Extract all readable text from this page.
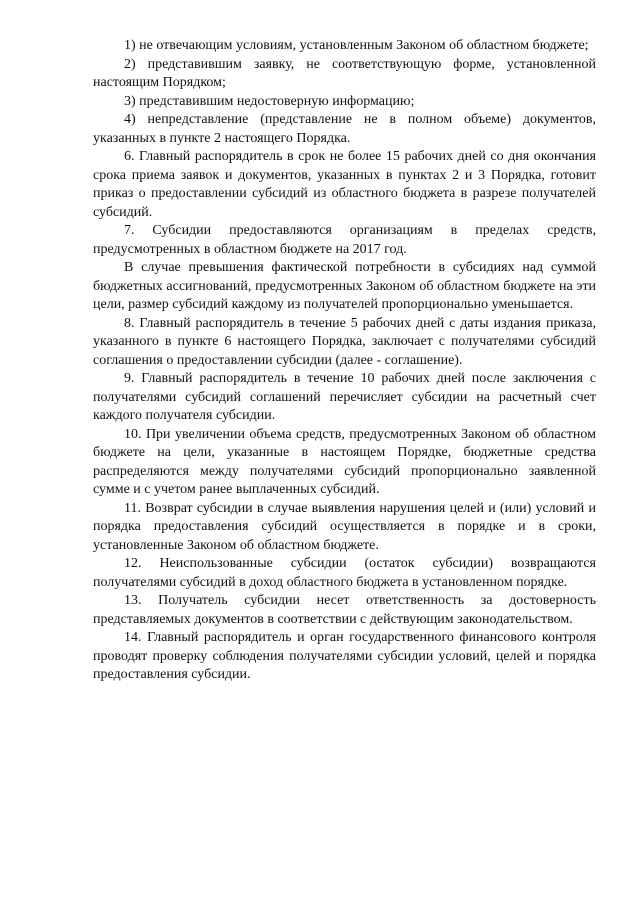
1) не отвечающим условиям, установленным Законом об областном бюджете;

2) представившим заявку, не соответствующую форме, установленной настоящим Порядком;

3) представившим недостоверную информацию;

4) непредставление (представление не в полном объеме) документов, указанных в пункте 2 настоящего Порядка.

6. Главный распорядитель в срок не более 15 рабочих дней со дня окончания срока приема заявок и документов, указанных в пунктах 2 и 3 Порядка, готовит приказ о предоставлении субсидий из областного бюджета в разрезе получателей субсидий.

7. Субсидии предоставляются организациям в пределах средств, предусмотренных в областном бюджете на 2017 год.

В случае превышения фактической потребности в субсидиях над суммой бюджетных ассигнований, предусмотренных Законом об областном бюджете на эти цели, размер субсидий каждому из получателей пропорционально уменьшается.

8. Главный распорядитель в течение 5 рабочих дней с даты издания приказа, указанного в пункте 6 настоящего Порядка, заключает с получателями субсидий соглашения о предоставлении субсидии (далее - соглашение).

9. Главный распорядитель в течение 10 рабочих дней после заключения с получателями субсидий соглашений перечисляет субсидии на расчетный счет каждого получателя субсидии.

10. При увеличении объема средств, предусмотренных Законом об областном бюджете на цели, указанные в настоящем Порядке, бюджетные средства распределяются между получателями субсидий пропорционально заявленной сумме и с учетом ранее выплаченных субсидий.

11. Возврат субсидии в случае выявления нарушения целей и (или) условий и порядка предоставления субсидий осуществляется в порядке и в сроки, установленные Законом об областном бюджете.

12. Неиспользованные субсидии (остаток субсидии) возвращаются получателями субсидий в доход областного бюджета в установленном порядке.

13. Получатель субсидии несет ответственность за достоверность представляемых документов в соответствии с действующим законодательством.

14. Главный распорядитель и орган государственного финансового контроля проводят проверку соблюдения получателями субсидии условий, целей и порядка предоставления субсидии.
